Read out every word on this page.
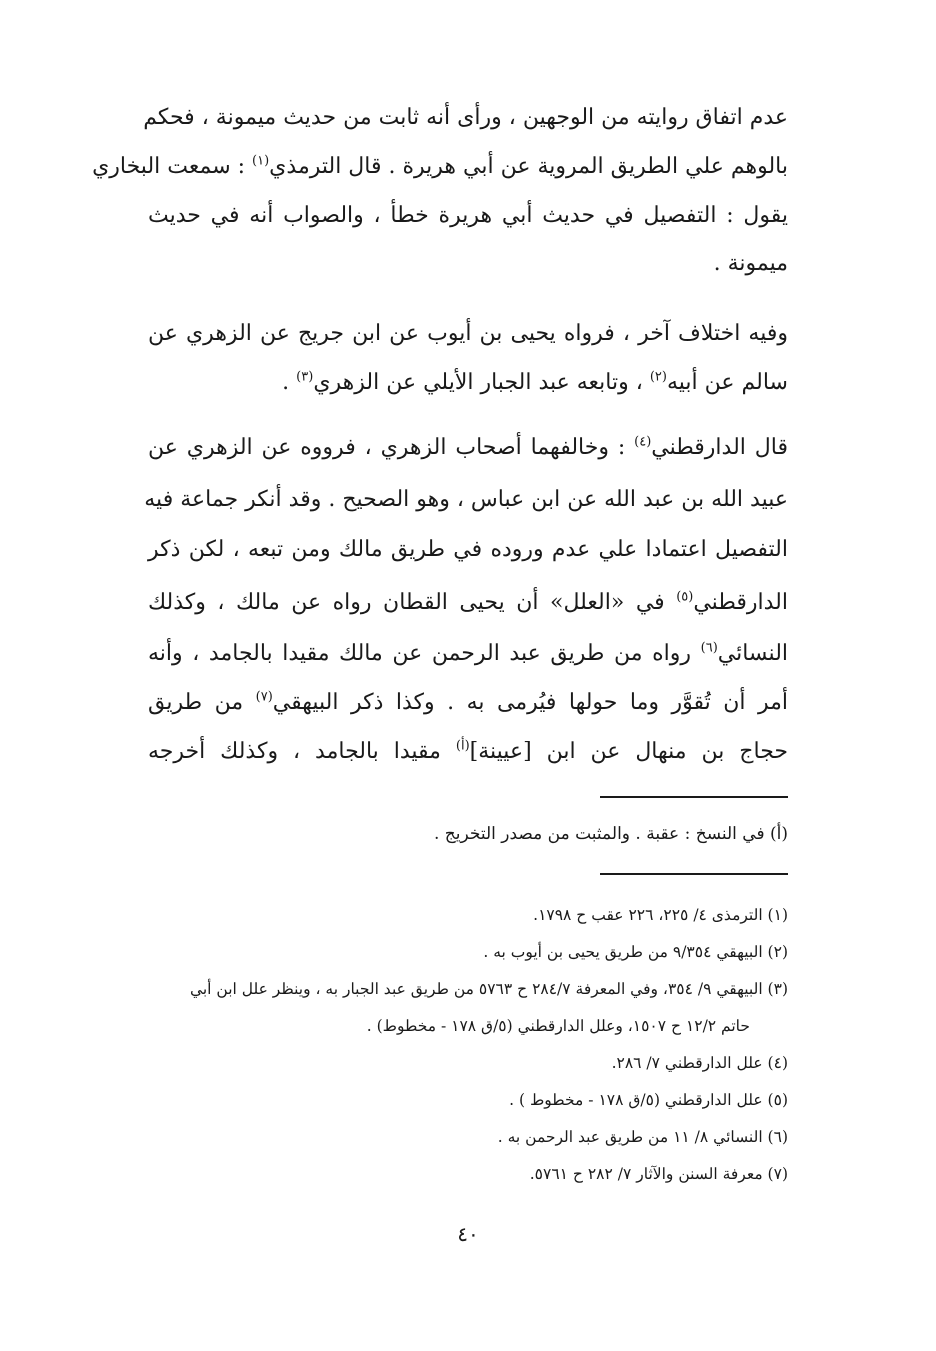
عدم اتفاق روايته من الوجهين ، ورأى أنه ثابت من حديث ميمونة ، فحكم
بالوهم علي الطريق المروية عن أبي هريرة . قال الترمذي$^{(١)}$ : سمعت البخاري
يقول : التفصيل في حديث أبي هريرة خطأ ، والصواب أنه في حديث
ميمونة .
وفيه اختلاف آخر ، فرواه يحيى بن أيوب عن ابن جريج عن الزهري عن
سالم عن أبيه$^{(٢)}$ ، وتابعه عبد الجبار الأيلي عن الزهري$^{(٣)}$ .
قال الدارقطني$^{(٤)}$ : وخالفهما أصحاب الزهري ، فرووه عن الزهري عن
عبيد الله بن عبد الله عن ابن عباس ، وهو الصحيح . وقد أنكر جماعة فيه
التفصيل اعتمادا علي عدم وروده في طريق مالك ومن تبعه ، لكن ذكر
الدارقطني$^{(٥)}$ في «العلل» أن يحيى القطان رواه عن مالك ، وكذلك
النسائي$^{(٦)}$ رواه من طريق عبد الرحمن عن مالك مقيدا بالجامد ، وأنه
أمر أن تُقوَّر وما حولها فيُرمى به . وكذا ذكر البيهقي$^{(٧)}$ من طريق
حجاج بن منهال عن ابن [عيينة]$^{(أ)}$ مقيدا بالجامد ، وكذلك أخرجه
(أ) في النسخ : عقبة . والمثبت من مصدر التخريج .
(١) الترمذى ٤/ ٢٢٥، ٢٢٦ عقب ح ١٧٩٨.
(٢) البيهقي ٩/٣٥٤ من طريق يحيى بن أيوب به .
(٣) البيهقي ٩/ ٣٥٤، وفي المعرفة ٢٨٤/٧ ح ٥٧٦٣ من طريق عبد الجبار به ، وينظر علل ابن أبي
حاتم ١٢/٢ ح ١٥٠٧، وعلل الدارقطني (٥/ق ١٧٨ - مخطوط) .
(٤) علل الدارقطني ٧/ ٢٨٦.
(٥) علل الدارقطني (٥/ق ١٧٨ - مخطوط ) .
(٦) النسائي ٨/ ١١ من طريق عبد الرحمن به .
(٧) معرفة السنن والآثار ٧/ ٢٨٢ ح ٥٧٦١.
٤٠
